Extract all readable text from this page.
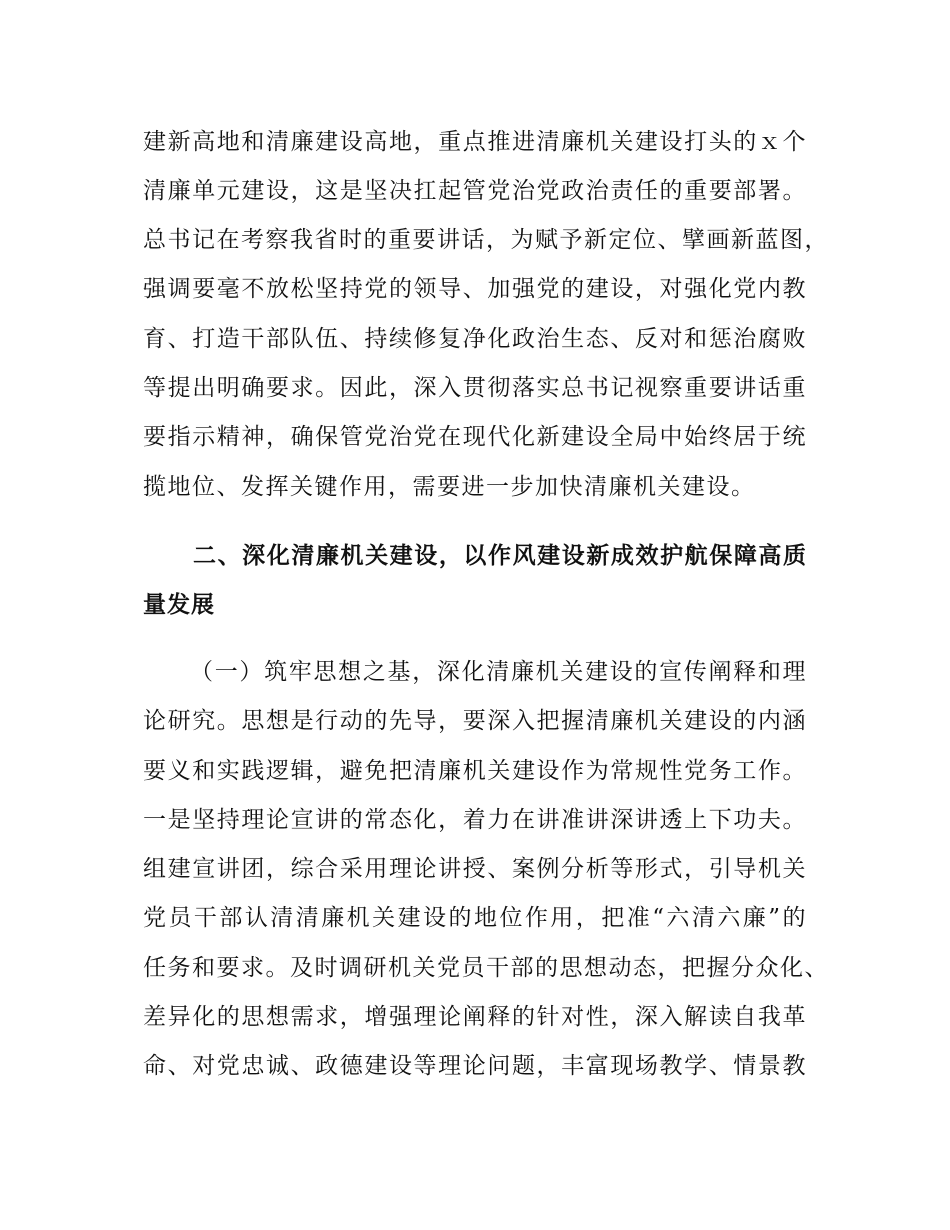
建新高地和清廉建设高地，重点推进清廉机关建设打头的ｘ个
清廉单元建设，这是坚决扛起管党治党政治责任的重要部署。
总书记在考察我省时的重要讲话，为赋予新定位、擘画新蓝图，
强调要毫不放松坚持党的领导、加强党的建设，对强化党内教
育、打造干部队伍、持续修复净化政治生态、反对和惩治腐败
等提出明确要求。因此，深入贯彻落实总书记视察重要讲话重
要指示精神，确保管党治党在现代化新建设全局中始终居于统
揽地位、发挥关键作用，需要进一步加快清廉机关建设。
二、深化清廉机关建设，以作风建设新成效护航保障高质
量发展
（一）筑牢思想之基，深化清廉机关建设的宣传阐释和理
论研究。思想是行动的先导，要深入把握清廉机关建设的内涵
要义和实践逻辑，避免把清廉机关建设作为常规性党务工作。
一是坚持理论宣讲的常态化，着力在讲准讲深讲透上下功夫。
组建宣讲团，综合采用理论讲授、案例分析等形式，引导机关
党员干部认清清廉机关建设的地位作用，把准“六清六廉”的
任务和要求。及时调研机关党员干部的思想动态，把握分众化、
差异化的思想需求，增强理论阐释的针对性，深入解读自我革
命、对党忠诚、政德建设等理论问题，丰富现场教学、情景教
